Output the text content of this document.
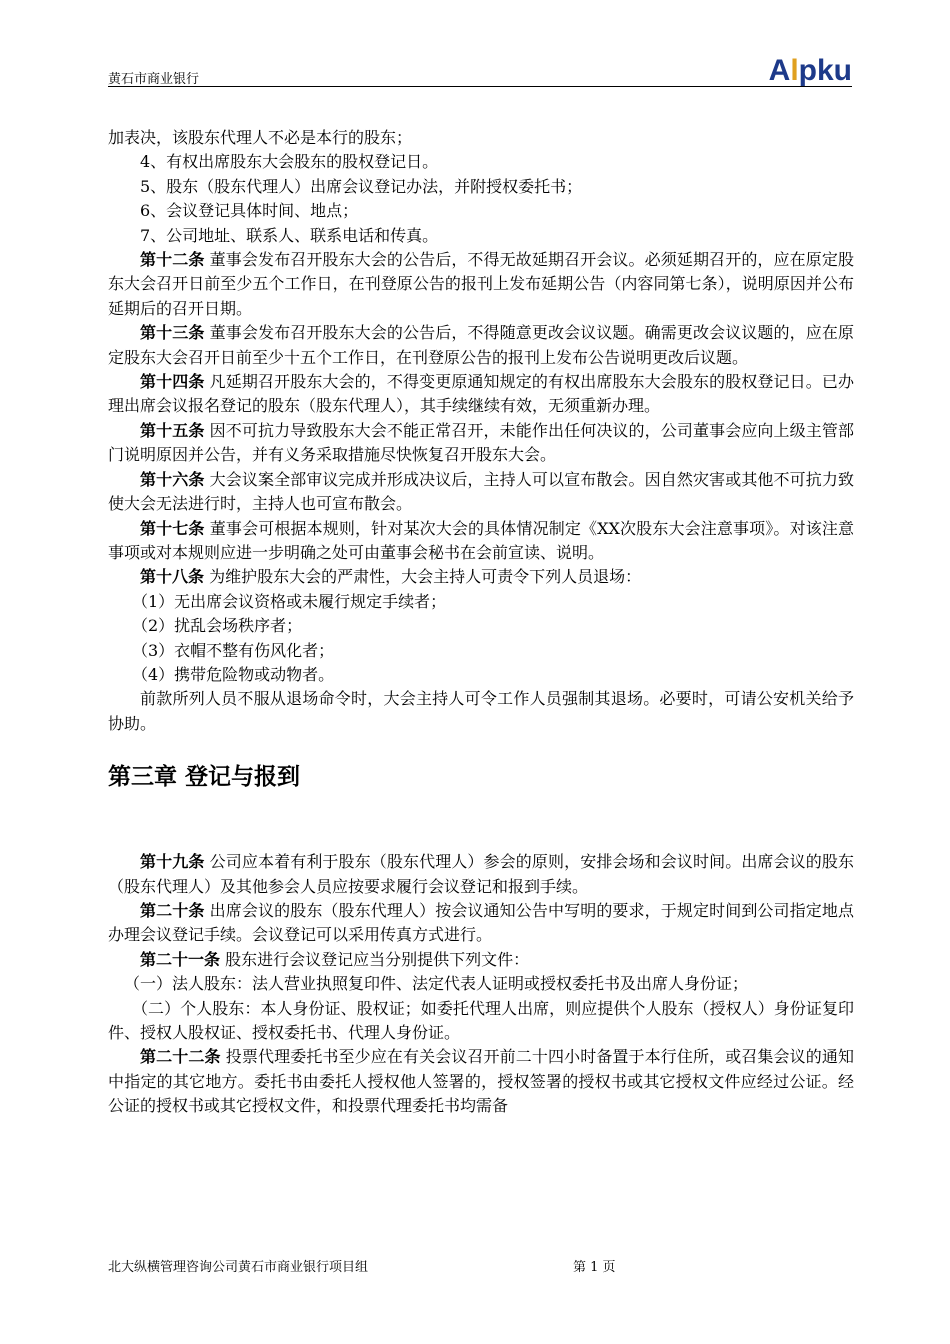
黄石市商业银行	Alpku

加表决，该股东代理人不必是本行的股东；

4、有权出席股东大会股东的股权登记日。

5、股东（股东代理人）出席会议登记办法，并附授权委托书；

6、会议登记具体时间、地点；

7、公司地址、联系人、联系电话和传真。

第十二条 董事会发布召开股东大会的公告后，不得无故延期召开会议。必须延期召开的，应在原定股东大会召开日前至少五个工作日，在刊登原公告的报刊上发布延期公告（内容同第七条），说明原因并公布延期后的召开日期。

第十三条 董事会发布召开股东大会的公告后，不得随意更改会议议题。确需更改会议议题的，应在原定股东大会召开日前至少十五个工作日，在刊登原公告的报刊上发布公告说明更改后议题。

第十四条 凡延期召开股东大会的，不得变更原通知规定的有权出席股东大会股东的股权登记日。已办理出席会议报名登记的股东（股东代理人），其手续继续有效，无须重新办理。

第十五条 因不可抗力导致股东大会不能正常召开，未能作出任何决议的，公司董事会应向上级主管部门说明原因并公告，并有义务采取措施尽快恢复召开股东大会。

第十六条 大会议案全部审议完成并形成决议后，主持人可以宣布散会。因自然灾害或其他不可抗力致使大会无法进行时，主持人也可宣布散会。

第十七条 董事会可根据本规则，针对某次大会的具体情况制定《XX次股东大会注意事项》。对该注意事项或对本规则应进一步明确之处可由董事会秘书在会前宣读、说明。

第十八条 为维护股东大会的严肃性，大会主持人可责令下列人员退场：

（1）无出席会议资格或未履行规定手续者；

（2）扰乱会场秩序者；

（3）衣帽不整有伤风化者；

（4）携带危险物或动物者。

前款所列人员不服从退场命令时，大会主持人可令工作人员强制其退场。必要时，可请公安机关给予协助。

第三章 登记与报到

第十九条 公司应本着有利于股东（股东代理人）参会的原则，安排会场和会议时间。出席会议的股东（股东代理人）及其他参会人员应按要求履行会议登记和报到手续。

第二十条 出席会议的股东（股东代理人）按会议通知公告中写明的要求，于规定时间到公司指定地点办理会议登记手续。会议登记可以采用传真方式进行。

第二十一条 股东进行会议登记应当分别提供下列文件：

（一）法人股东：法人营业执照复印件、法定代表人证明或授权委托书及出席人身份证；

（二）个人股东：本人身份证、股权证；如委托代理人出席，则应提供个人股东（授权人）身份证复印件、授权人股权证、授权委托书、代理人身份证。

第二十二条 投票代理委托书至少应在有关会议召开前二十四小时备置于本行住所，或召集会议的通知中指定的其它地方。委托书由委托人授权他人签署的，授权签署的授权书或其它授权文件应经过公证。经公证的授权书或其它授权文件，和投票代理委托书均需备

北大纵横管理咨询公司黄石市商业银行项目组	第 1 页
